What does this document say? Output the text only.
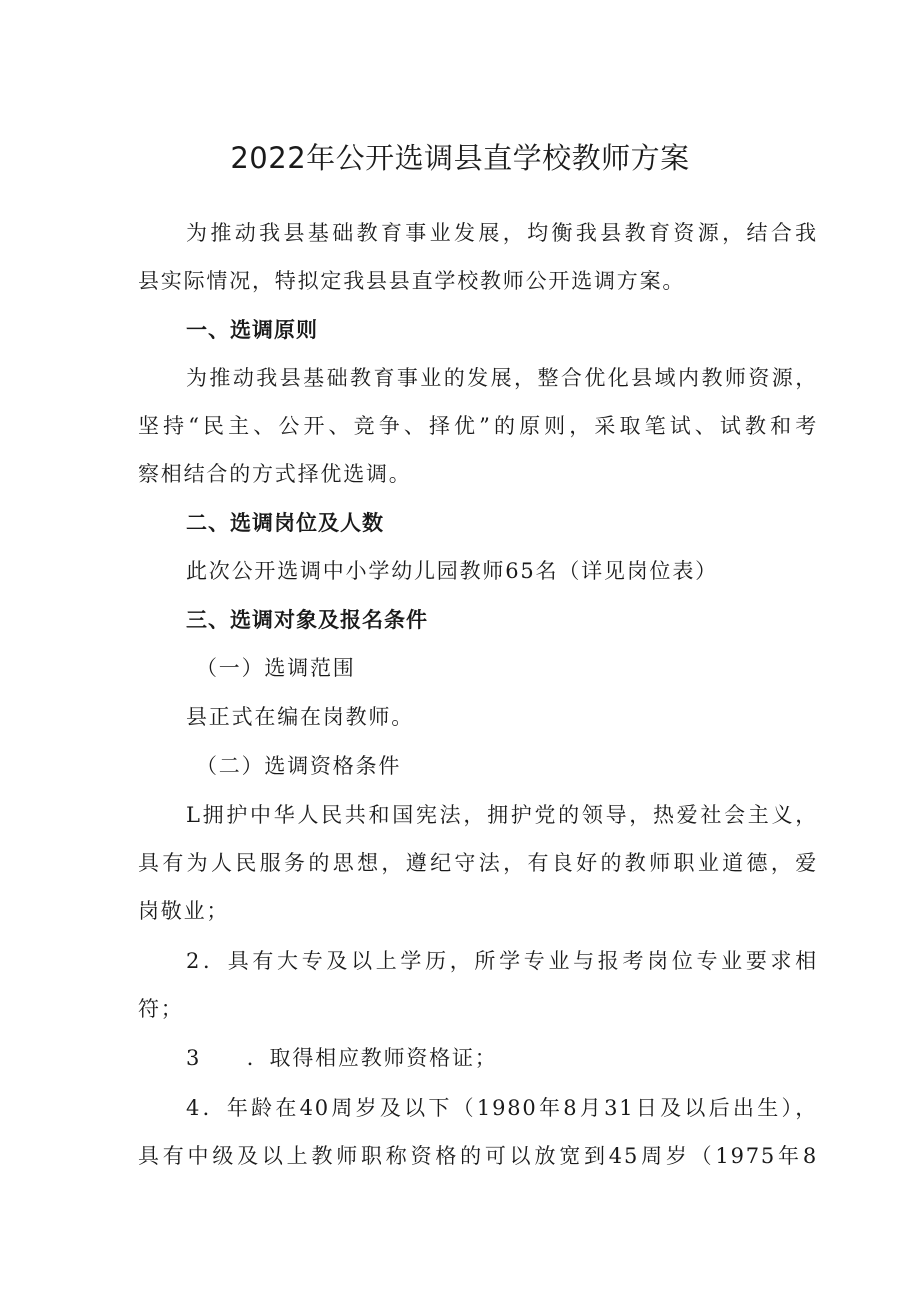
2022年公开选调县直学校教师方案

为推动我县基础教育事业发展，均衡我县教育资源，结合我

县实际情况，特拟定我县县直学校教师公开选调方案。

一、选调原则

为推动我县基础教育事业的发展，整合优化县域内教师资源，

坚持“民主、公开、竞争、择优”的原则，采取笔试、试教和考

察相结合的方式择优选调。

二、选调岗位及人数

此次公开选调中小学幼儿园教师65名（详见岗位表）

三、选调对象及报名条件

（一）选调范围

县正式在编在岗教师。

（二）选调资格条件

L拥护中华人民共和国宪法，拥护党的领导，热爱社会主义，

具有为人民服务的思想，遵纪守法，有良好的教师职业道德，爱

岗敬业；

2．具有大专及以上学历，所学专业与报考岗位专业要求相

符；

3　　．取得相应教师资格证；

4．年龄在40周岁及以下（1980年8月31日及以后出生），

具有中级及以上教师职称资格的可以放宽到45周岁（1975年8
